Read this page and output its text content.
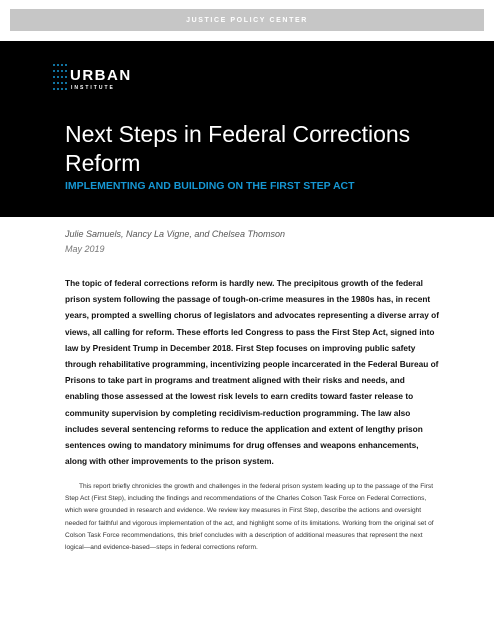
JUSTICE POLICY CENTER
URBAN
INSTITUTE
Next Steps in Federal Corrections Reform
IMPLEMENTING AND BUILDING ON THE FIRST STEP ACT

Julie Samuels, Nancy La Vigne, and Chelsea Thomson

May 2019

The topic of federal corrections reform is hardly new. The precipitous growth of the federal prison system following the passage of tough-on-crime measures in the 1980s has, in recent years, prompted a swelling chorus of legislators and advocates representing a diverse array of views, all calling for reform. These efforts led Congress to pass the First Step Act, signed into law by President Trump in December 2018. First Step focuses on improving public safety through rehabilitative programming, incentivizing people incarcerated in the Federal Bureau of Prisons to take part in programs and treatment aligned with their risks and needs, and enabling those assessed at the lowest risk levels to earn credits toward faster release to community supervision by completing recidivism-reduction programming. The law also includes several sentencing reforms to reduce the application and extent of lengthy prison sentences owing to mandatory minimums for drug offenses and weapons enhancements, along with other improvements to the prison system.

This report briefly chronicles the growth and challenges in the federal prison system leading up to the passage of the First Step Act (First Step), including the findings and recommendations of the Charles Colson Task Force on Federal Corrections, which were grounded in research and evidence. We review key measures in First Step, describe the actions and oversight needed for faithful and vigorous implementation of the act, and highlight some of its limitations. Working from the original set of Colson Task Force recommendations, this brief concludes with a description of additional measures that represent the next logical—and evidence-based—steps in federal corrections reform.
